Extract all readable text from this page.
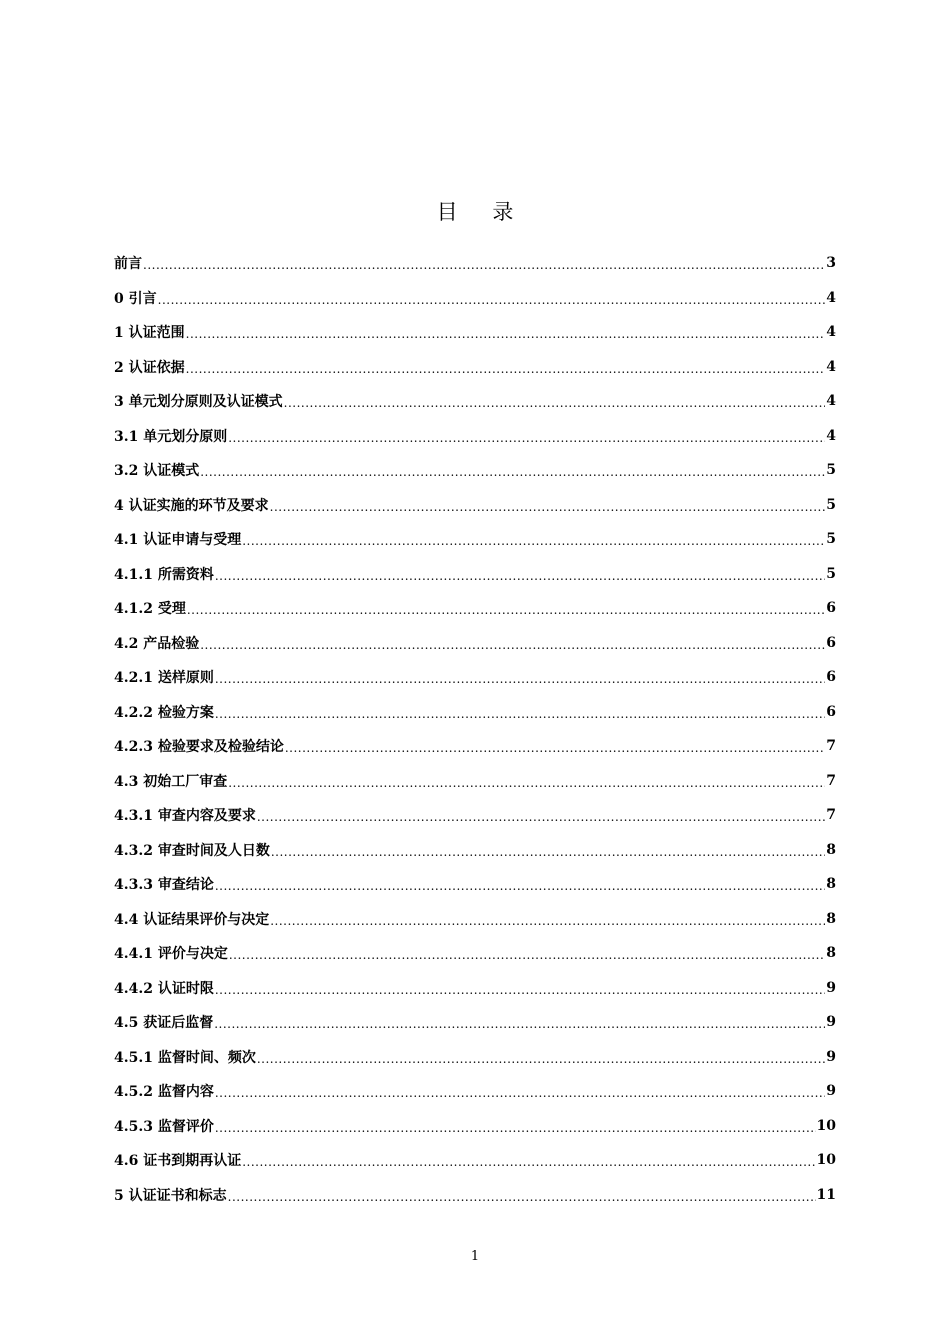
目 录
前言 .....	3
0 引言 .....	4
1 认证范围 .....	4
2 认证依据 .....	4
3 单元划分原则及认证模式 .....	4
3.1 单元划分原则 .....	4
3.2 认证模式 .....	5
4 认证实施的环节及要求 .....	5
4.1 认证申请与受理 .....	5
4.1.1 所需资料 .....	5
4.1.2 受理 .....	6
4.2 产品检验 .....	6
4.2.1 送样原则 .....	6
4.2.2 检验方案 .....	6
4.2.3 检验要求及检验结论 .....	7
4.3 初始工厂审查 .....	7
4.3.1 审查内容及要求 .....	7
4.3.2 审查时间及人日数 .....	8
4.3.3 审查结论 .....	8
4.4 认证结果评价与决定 .....	8
4.4.1 评价与决定 .....	8
4.4.2 认证时限 .....	9
4.5 获证后监督 .....	9
4.5.1 监督时间、频次 .....	9
4.5.2 监督内容 .....	9
4.5.3 监督评价 .....	10
4.6 证书到期再认证 .....	10
5 认证证书和标志 .....	11
1
